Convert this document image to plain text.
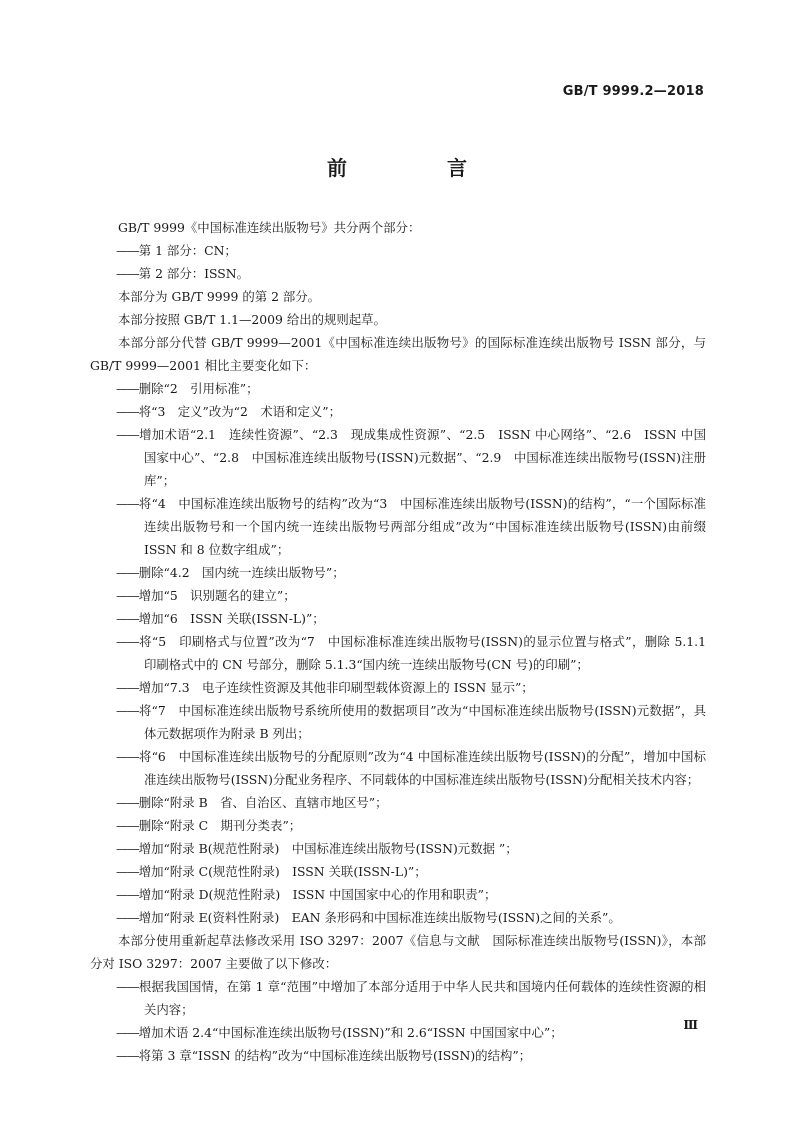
GB/T 9999.2—2018
前　言
GB/T 9999《中国标准连续出版物号》共分两个部分：
—— 第 1 部分：CN；
—— 第 2 部分：ISSN。
本部分为 GB/T 9999 的第 2 部分。
本部分按照 GB/T 1.1—2009 给出的规则起草。
本部分部分代替 GB/T 9999—2001《中国标准连续出版物号》的国际标准连续出版物号 ISSN 部分，与 GB/T 9999—2001 相比主要变化如下：
—— 删除“2　引用标准”；
—— 将“3　定义”改为“2　术语和定义”；
—— 增加术语“2.1　连续性资源”、“2.3　现成集成性资源”、“2.5　ISSN 中心网络”、“2.6　ISSN 中国国家中心”、“2.8　中国标准连续出版物号(ISSN)元数据”、“2.9　中国标准连续出版物号(ISSN)注册库”；
—— 将“4　中国标准连续出版物号的结构”改为“3　中国标准连续出版物号(ISSN)的结构”，“一个国际标准连续出版物号和一个国内统一连续出版物号两部分组成”改为“中国标准连续出版物号(ISSN)由前缀 ISSN 和 8 位数字组成”；
—— 删除“4.2　国内统一连续出版物号”；
—— 增加“5　识别题名的建立”；
—— 增加“6　ISSN 关联(ISSN-L)”；
—— 将“5　印刷格式与位置”改为“7　中国标准标准连续出版物号(ISSN)的显示位置与格式”，删除 5.1.1 印刷格式中的 CN 号部分，删除 5.1.3“国内统一连续出版物号(CN 号)的印刷”；
—— 增加“7.3　电子连续性资源及其他非印刷型载体资源上的 ISSN 显示”；
—— 将“7　中国标准连续出版物号系统所使用的数据项目”改为“中国标准连续出版物号(ISSN)元数据”，具体元数据项作为附录 B 列出；
—— 将“6　中国标准连续出版物号的分配原则”改为“4 中国标准连续出版物号(ISSN)的分配”，增加中国标准连续出版物号(ISSN)分配业务程序、不同载体的中国标准连续出版物号(ISSN)分配相关技术内容；
—— 删除“附录 B　省、自治区、直辖市地区号”；
—— 删除“附录 C　期刊分类表”；
—— 增加“附录 B(规范性附录)　中国标准连续出版物号(ISSN)元数据 ”；
—— 增加“附录 C(规范性附录)　ISSN 关联(ISSN-L)”；
—— 增加“附录 D(规范性附录)　ISSN 中国国家中心的作用和职责”；
—— 增加“附录 E(资料性附录)　EAN 条形码和中国标准连续出版物号(ISSN)之间的关系”。
本部分使用重新起草法修改采用 ISO 3297：2007《信息与文献　国际标准连续出版物号(ISSN)》，本部分对 ISO 3297：2007 主要做了以下修改：
—— 根据我国国情，在第 1 章“范围”中增加了本部分适用于中华人民共和国境内任何载体的连续性资源的相关内容；
—— 增加术语 2.4“中国标准连续出版物号(ISSN)”和 2.6“ISSN 中国国家中心”；
—— 将第 3 章“ISSN 的结构”改为“中国标准连续出版物号(ISSN)的结构”；
Ⅲ
